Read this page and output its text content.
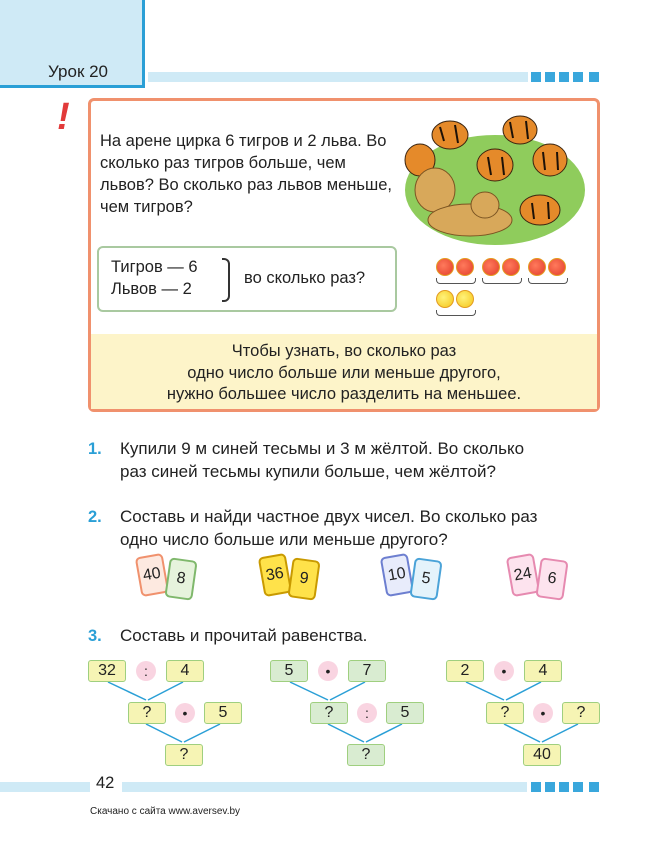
Урок 20
!
На арене цирка 6 тигров и 2 льва. Во сколько раз тигров больше, чем львов? Во сколько раз львов меньше, чем тигров?
Тигров — 6
Львов — 2
во сколько раз?
Чтобы узнать, во сколько раз
одно число больше или меньше другого,
нужно большее число разделить на меньшее.
1. Купили 9 м синей тесьмы и 3 м жёлтой. Во сколько
раз синей тесьмы купили больше, чем жёлтой?
2. Составь и найди частное двух чисел. Во сколько раз
одно число больше или меньше другого?
40 8	36 9	10 5	24 6
3. Составь и прочитай равенства.
32	:	4
?	•	5
?
5	•	7
?	:	5
?
2	•	4
?	•	?
40
42
Скачано с сайта www.aversev.by
